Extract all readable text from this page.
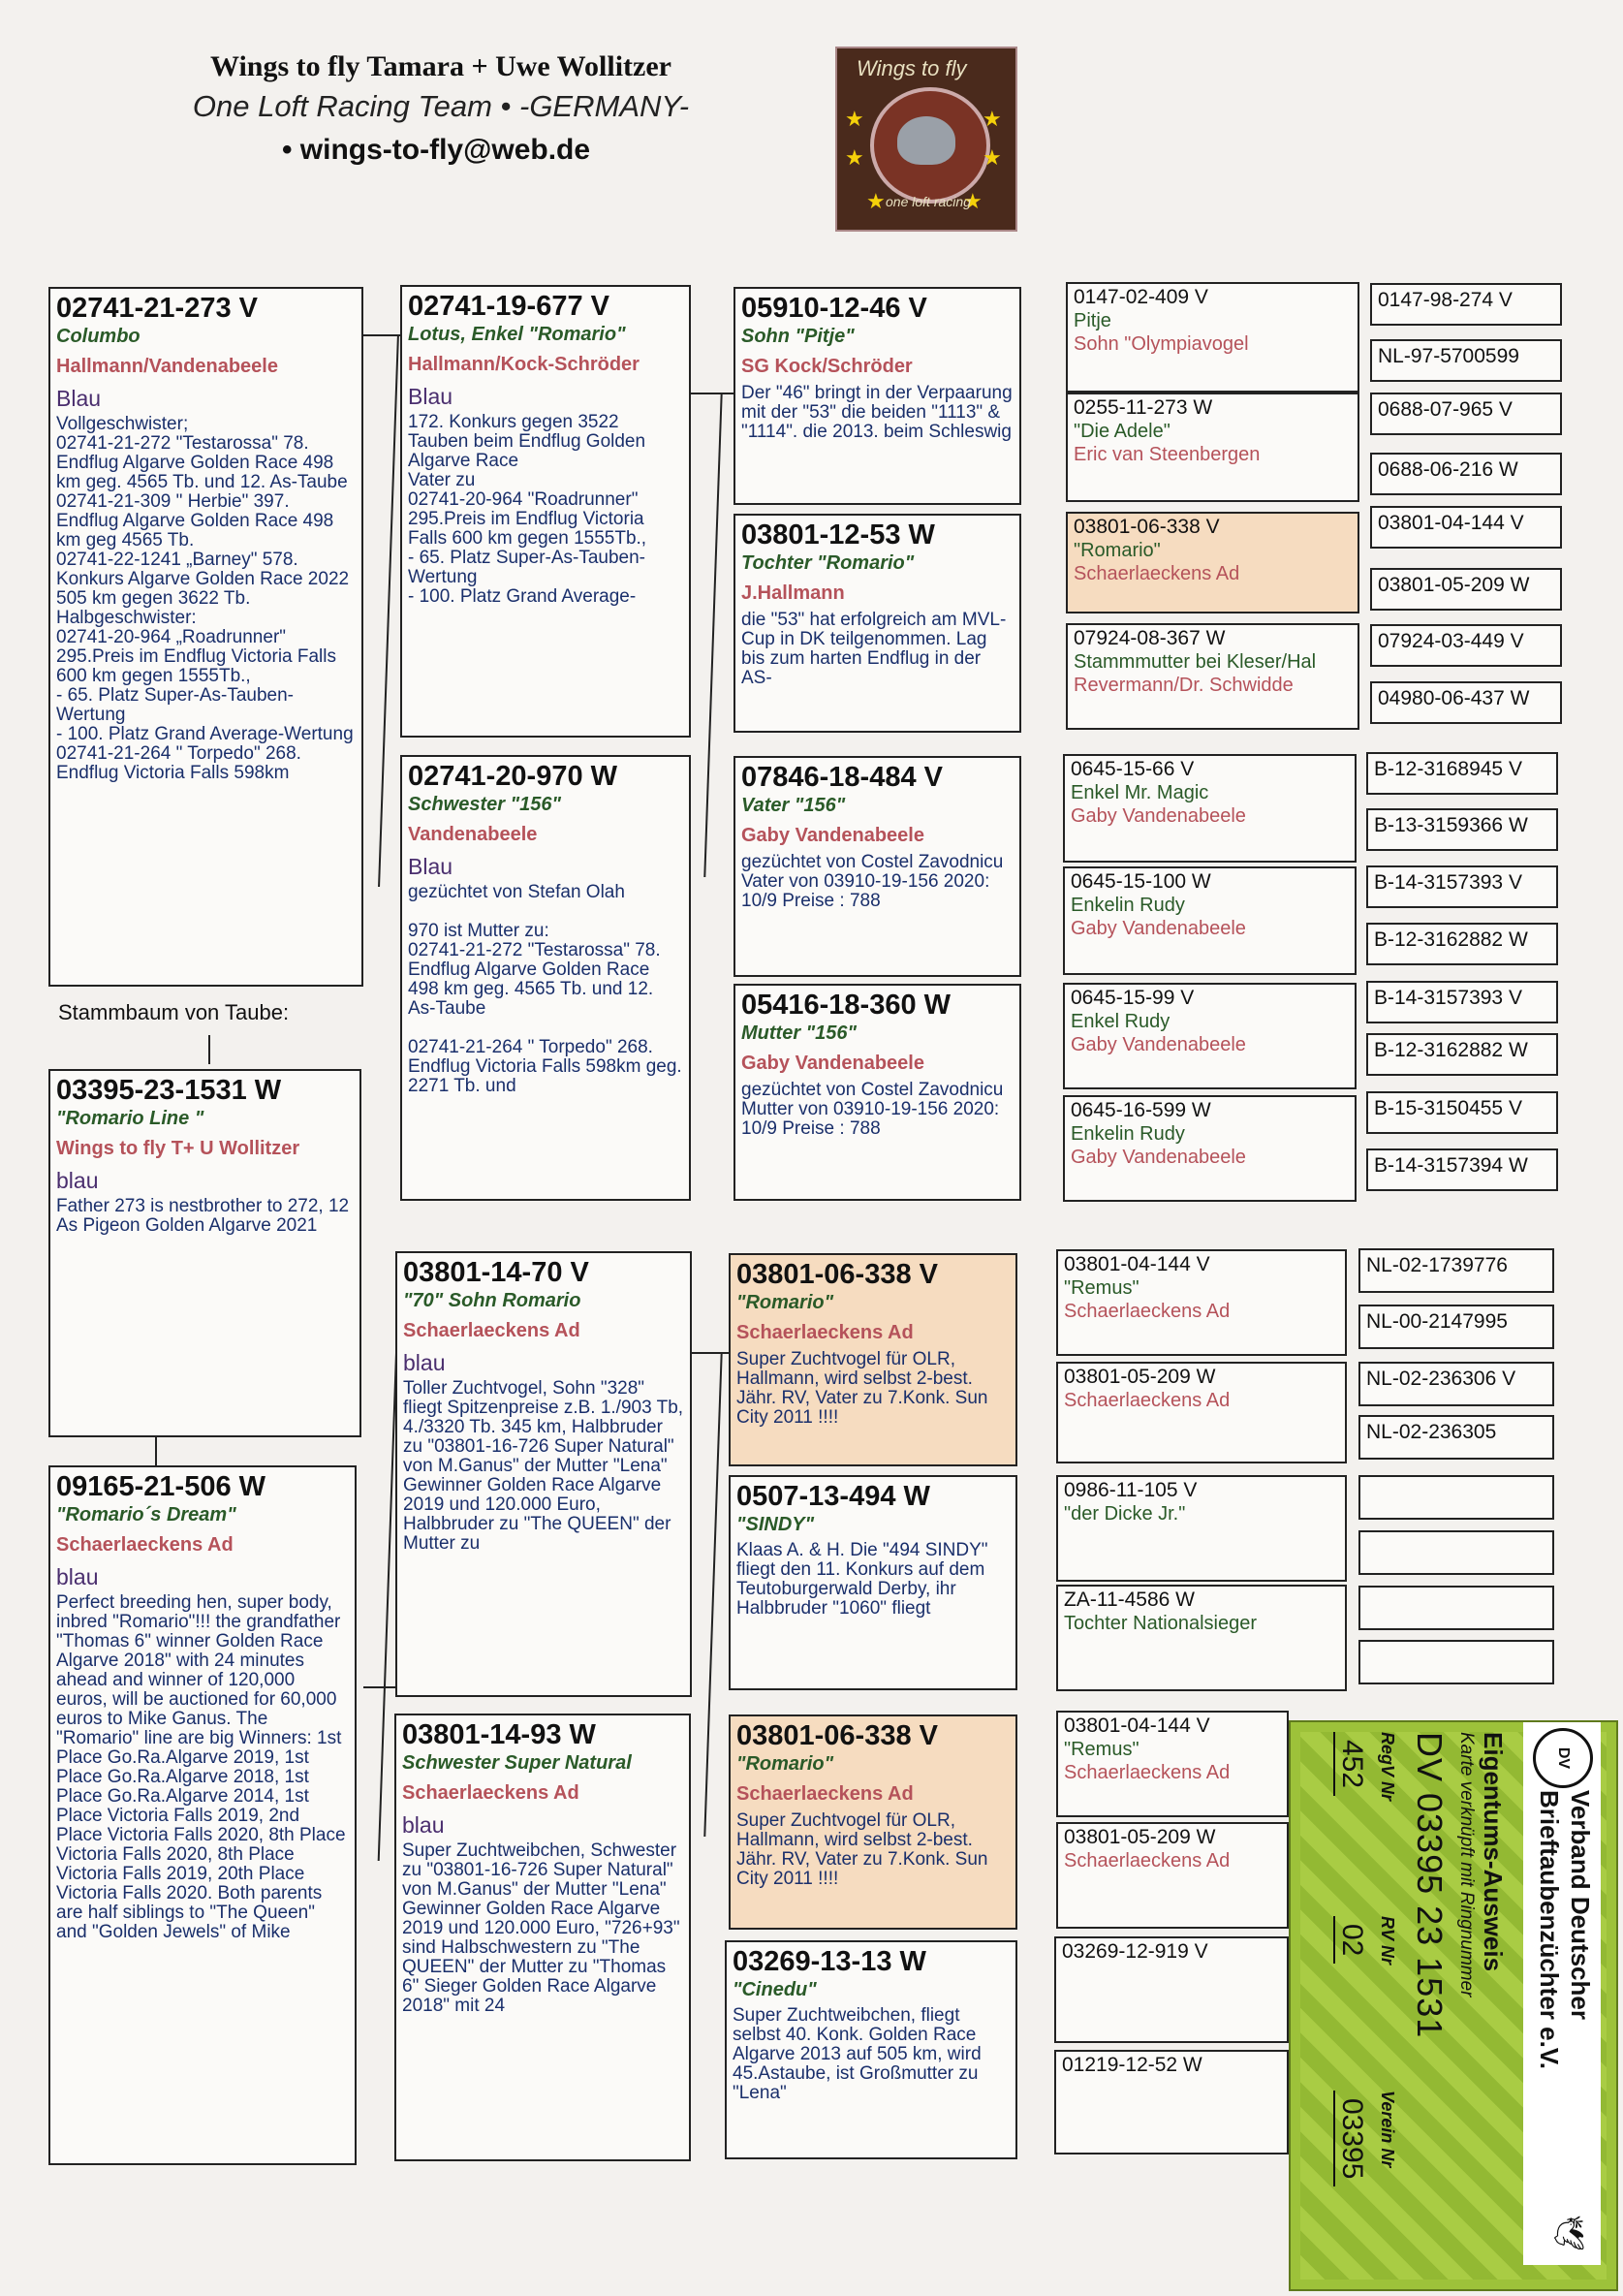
Wings to fly Tamara + Uwe Wollitzer
One Loft Racing Team • -GERMANY-
• wings-to-fly@web.de
★
★
★
★
★	★
Wings to fly
one loft racing
02741-21-273 V
Columbo
Hallmann/Vandenabeele
Blau
Vollgeschwister;
02741-21-272 "Testarossa" 78. Endflug Algarve Golden Race 498 km geg. 4565 Tb. und 12. As-Taube
02741-21-309 " Herbie" 397. Endflug Algarve Golden Race 498 km geg 4565 Tb.
02741-22-1241 „Barney" 578. Konkurs Algarve Golden Race 2022 505 km gegen 3622 Tb.
Halbgeschwister:
02741-20-964 „Roadrunner" 295.Preis im Endflug Victoria Falls 600 km gegen 1555Tb.,
- 65. Platz Super-As-Tauben-Wertung
- 100. Platz Grand Average-Wertung
02741-21-264 " Torpedo" 268. Endflug Victoria Falls 598km
Stammbaum von Taube:
03395-23-1531 W
"Romario Line "
Wings to fly T+ U Wollitzer
blau
Father 273 is nestbrother to 272, 12 As Pigeon Golden Algarve 2021
09165-21-506 W
"Romario´s Dream"
Schaerlaeckens Ad
blau
Perfect breeding hen, super body, inbred "Romario"!!! the grandfather "Thomas 6" winner Golden Race Algarve 2018" with 24 minutes ahead and winner of 120,000 euros, will be auctioned for 60,000 euros to Mike Ganus. The "Romario" line are big Winners: 1st Place Go.Ra.Algarve 2019, 1st Place Go.Ra.Algarve 2018, 1st Place Go.Ra.Algarve 2014, 1st Place Victoria Falls 2019, 2nd Place Victoria Falls 2020, 8th Place Victoria Falls 2020, 8th Place Victoria Falls 2019, 20th Place Victoria Falls 2020. Both parents are half siblings to "The Queen" and "Golden Jewels" of Mike
02741-19-677 V
Lotus, Enkel "Romario"
Hallmann/Kock-Schröder
Blau
172. Konkurs gegen 3522 Tauben beim Endflug Golden Algarve Race
Vater zu
02741-20-964 "Roadrunner" 295.Preis im Endflug Victoria Falls 600 km gegen 1555Tb.,
- 65. Platz Super-As-Tauben-Wertung
- 100. Platz Grand Average-
02741-20-970 W
Schwester "156"
Vandenabeele
Blau
gezüchtet von Stefan Olah

970 ist Mutter zu:
02741-21-272 "Testarossa" 78. Endflug Algarve Golden Race 498 km geg. 4565 Tb. und 12. As-Taube

02741-21-264 " Torpedo" 268. Endflug Victoria Falls 598km geg. 2271 Tb. und
03801-14-70 V
"70" Sohn Romario
Schaerlaeckens Ad
blau
Toller Zuchtvogel, Sohn "328" fliegt Spitzenpreise z.B. 1./903 Tb, 4./3320 Tb. 345 km, Halbbruder zu "03801-16-726 Super Natural" von M.Ganus" der Mutter "Lena" Gewinner Golden Race Algarve 2019 und 120.000 Euro, Halbbruder zu "The QUEEN" der Mutter zu
03801-14-93 W
Schwester Super Natural
Schaerlaeckens Ad
blau
Super Zuchtweibchen, Schwester zu "03801-16-726 Super Natural" von M.Ganus" der Mutter "Lena" Gewinner Golden Race Algarve 2019 und 120.000 Euro, "726+93" sind Halbschwestern zu "The QUEEN" der Mutter zu "Thomas 6" Sieger Golden Race Algarve 2018" mit 24
05910-12-46 V
Sohn "Pitje"
SG Kock/Schröder
Der "46" bringt in der Verpaarung mit der "53" die beiden "1113" & "1114". die 2013. beim Schleswig
03801-12-53 W
Tochter "Romario"
J.Hallmann
die "53" hat erfolgreich am MVL-Cup in DK teilgenommen. Lag bis zum harten Endflug in der AS-
07846-18-484 V
Vater "156"
Gaby Vandenabeele
gezüchtet von Costel Zavodnicu
Vater von 03910-19-156 2020: 10/9 Preise : 788
05416-18-360 W
Mutter "156"
Gaby Vandenabeele
gezüchtet von Costel Zavodnicu
Mutter von 03910-19-156 2020: 10/9 Preise : 788
03801-06-338 V
"Romario"
Schaerlaeckens Ad
Super Zuchtvogel für OLR, Hallmann, wird selbst 2-best. Jähr. RV, Vater zu 7.Konk. Sun City 2011 !!!!
0507-13-494 W
"SINDY"
Klaas A. & H. Die "494 SINDY" fliegt den 11. Konkurs auf dem Teutoburgerwald Derby, ihr Halbbruder "1060" fliegt
03801-06-338 V
"Romario"
Schaerlaeckens Ad
Super Zuchtvogel für OLR, Hallmann, wird selbst 2-best. Jähr. RV, Vater zu 7.Konk. Sun City 2011 !!!!
03269-13-13 W
"Cinedu"
Super Zuchtweibchen, fliegt selbst 40. Konk. Golden Race Algarve 2013 auf 505 km, wird 45.Astaube, ist Großmutter zu "Lena"
0147-02-409 V
Pitje
Sohn "Olympiavogel
0255-11-273 W
"Die Adele"
Eric van Steenbergen
03801-06-338 V
"Romario"
Schaerlaeckens Ad
07924-08-367 W
Stammmutter bei Kleser/Hal
Revermann/Dr. Schwidde
0645-15-66 V
Enkel Mr. Magic
Gaby Vandenabeele
0645-15-100 W
Enkelin Rudy
Gaby Vandenabeele
0645-15-99 V
Enkel Rudy
Gaby Vandenabeele
0645-16-599 W
Enkelin Rudy
Gaby Vandenabeele
03801-04-144 V
"Remus"
Schaerlaeckens Ad
03801-05-209 W
Schaerlaeckens Ad
0986-11-105 V
"der Dicke Jr."
ZA-11-4586 W
Tochter Nationalsieger
03801-04-144 V
"Remus"
Schaerlaeckens Ad
03801-05-209 W
Schaerlaeckens Ad
03269-12-919 V
01219-12-52 W
0147-98-274 V
NL-97-5700599
0688-07-965 V
0688-06-216 W
03801-04-144 V
03801-05-209 W
07924-03-449 V
04980-06-437 W
B-12-3168945 V
B-13-3159366 W
B-14-3157393 V
B-12-3162882 W
B-14-3157393 V
B-12-3162882 W
B-15-3150455 V
B-14-3157394 W
NL-02-1739776
NL-00-2147995
NL-02-236306 V
NL-02-236305
DV
🕊
Verband Deutscher
Brieftaubenzüchter e.V.
Eigentums-Ausweis
Karte verknüpft mit Ringnummer
DV 03395 23 1531
RegV Nr
452
RV Nr
02
Verein Nr
03395
